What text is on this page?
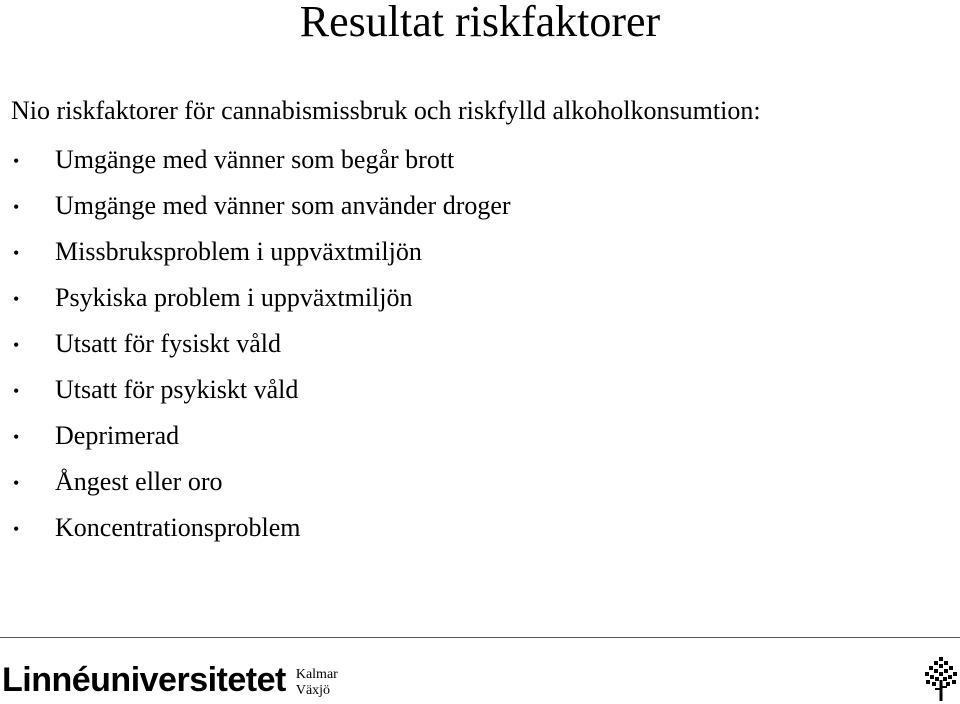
Resultat riskfaktorer

Nio riskfaktorer för cannabismissbruk och riskfylld alkoholkonsumtion:

• Umgänge med vänner som begår brott
• Umgänge med vänner som använder droger
• Missbruksproblem i uppväxtmiljön
• Psykiska problem i uppväxtmiljön
• Utsatt för fysiskt våld
• Utsatt för psykiskt våld
• Deprimerad
• Ångest eller oro
• Koncentrationsproblem
Linnéuniversitetet Kalmar
Växjö
